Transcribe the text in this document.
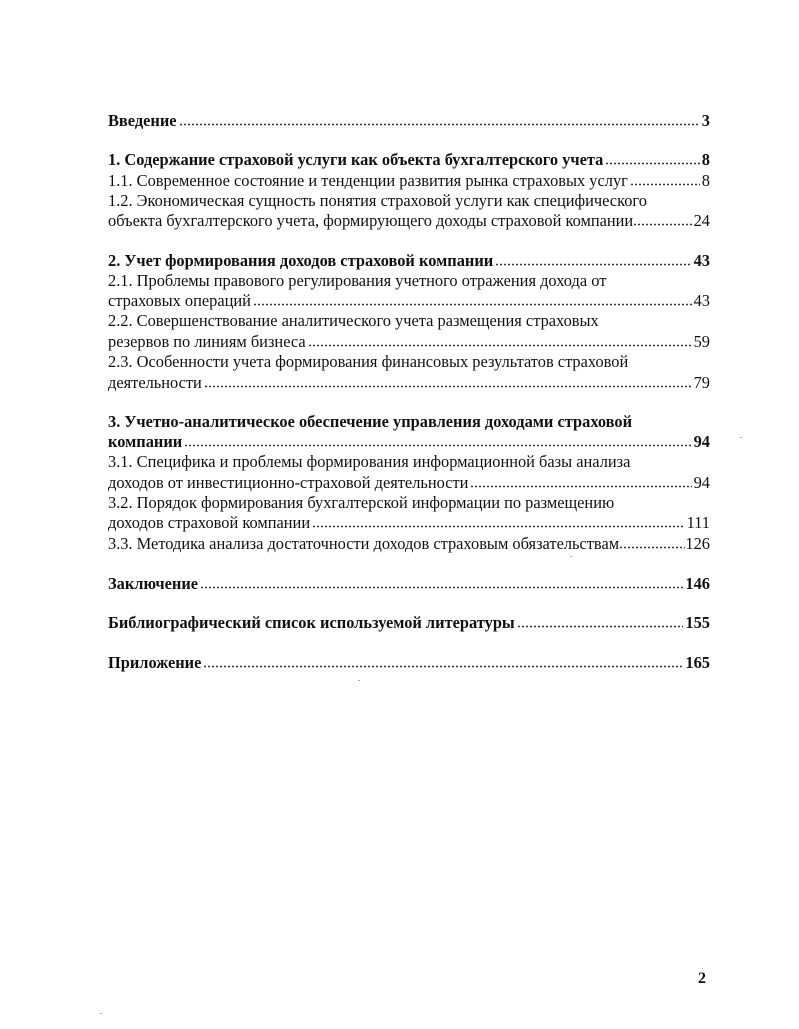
Введение	3
1. Содержание страховой услуги как объекта бухгалтерского учета	8
1.1. Современное состояние и тенденции развития рынка страховых услуг	8
1.2. Экономическая сущность понятия страховой услуги как специфического
объекта бухгалтерского учета, формирующего доходы страховой компании	24
2. Учет формирования доходов страховой компании	43
2.1. Проблемы правового регулирования учетного отражения дохода от
страховых операций	43
2.2. Совершенствование аналитического учета размещения страховых
резервов по линиям бизнеса	59
2.3. Особенности учета формирования финансовых результатов страховой
деятельности	79
3. Учетно-аналитическое обеспечение управления доходами страховой
компании	94
3.1. Специфика и проблемы формирования информационной базы анализа
доходов от инвестиционно-страховой деятельности	94
3.2. Порядок формирования бухгалтерской информации по размещению
доходов страховой компании	111
3.3. Методика анализа достаточности доходов страховым обязательствам	126
Заключение	146
Библиографический список используемой литературы	155
Приложение	165
2
